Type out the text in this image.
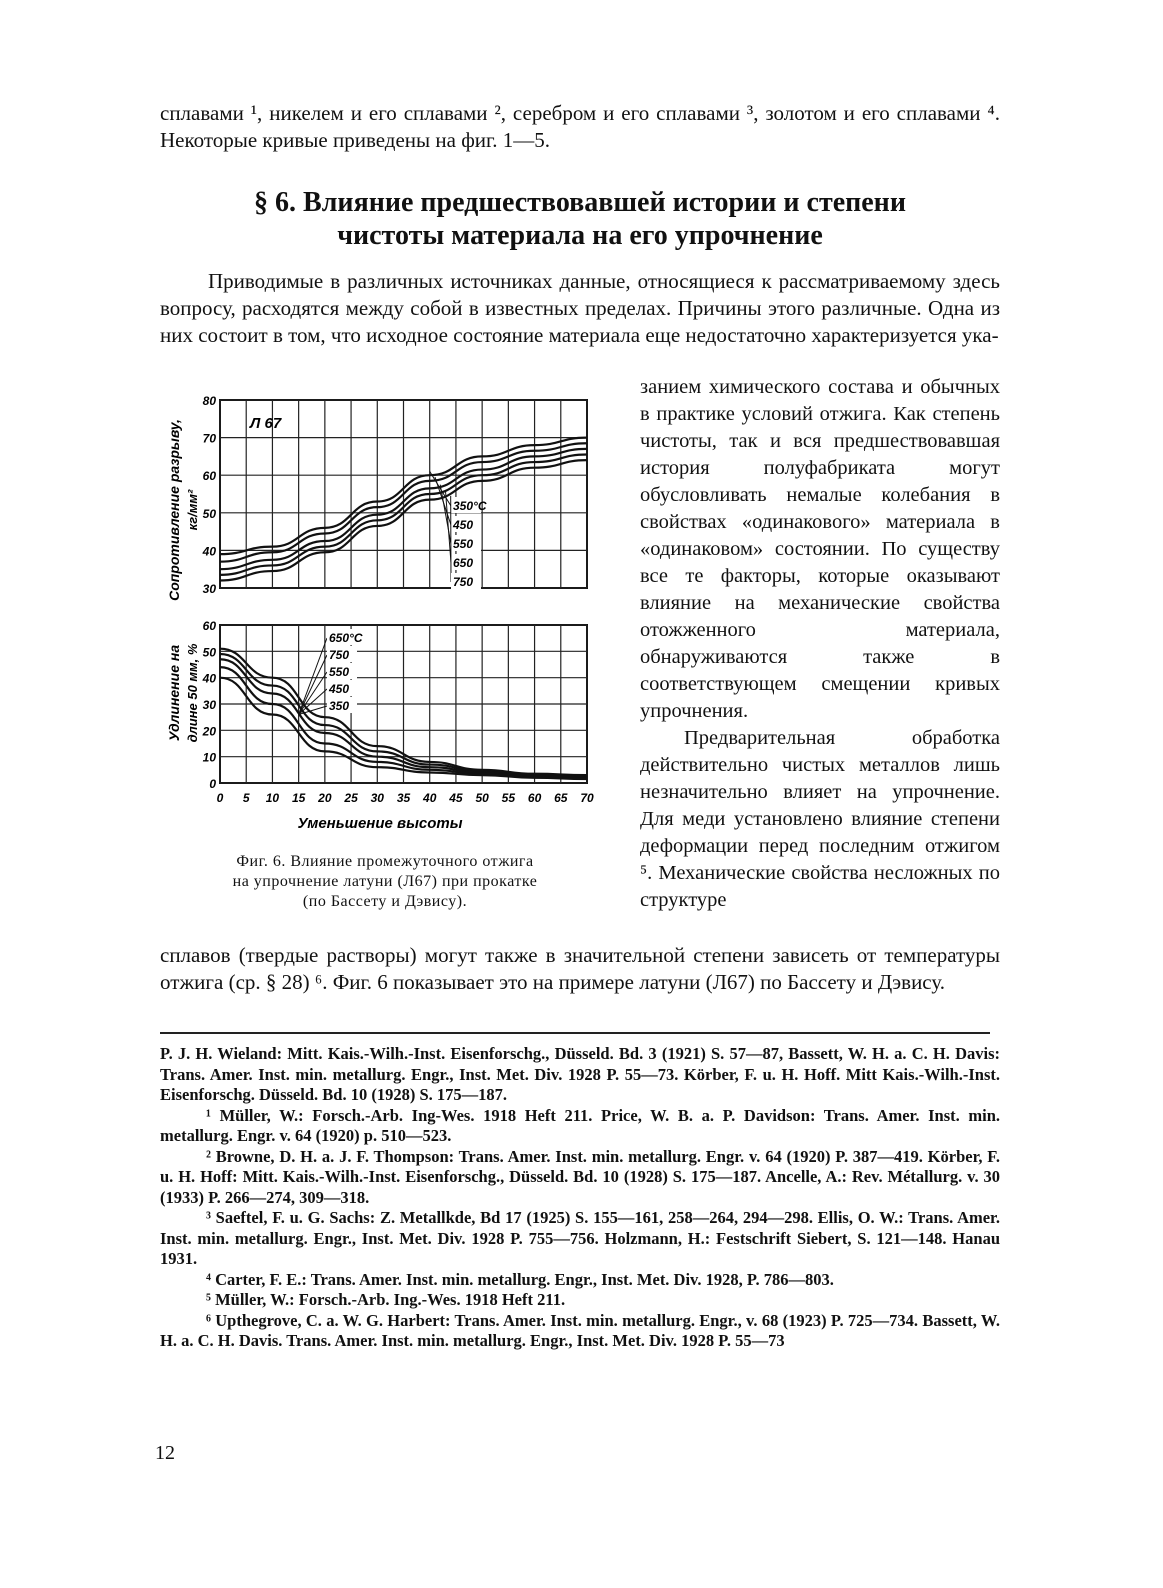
сплавами ¹, никелем и его сплавами ², серебром и его сплавами ³, золотом и его сплавами ⁴. Некоторые кривые приведены на фиг. 1—5.
§ 6. Влияние предшествовавшей истории и степени
чистоты материала на его упрочнение
Приводимые в различных источниках данные, относящиеся к рассматриваемому здесь вопросу, расходятся между собой в известных пределах. Причины этого различные. Одна из них состоит в том, что исходное состояние материала еще недостаточно характеризуется ука-

занием химического состава и обычных в практике условий отжига. Как степень чистоты, так и вся предшествовавшая история полуфабриката могут обусловливать немалые колебания в свойствах «одинакового» материала в «одинаковом» состоянии. По существу все те факторы, которые оказывают влияние на механические свойства отожженного материала, обнаруживаются также в соответствующем смещении кривых упрочнения.

Предварительная обработка действительно чистых металлов лишь незначительно влияет на упрочнение. Для меди установлено влияние степени деформации перед последним отжигом ⁵. Механические свойства несложных по структуре

сплавов (твердые растворы) могут также в значительной степени зависеть от температуры отжига (ср. § 28) ⁶. Фиг. 6 показывает это на примере латуни (Л67) по Бассету и Дэвису.
350°C
450
550
650
750
650°C
750
550
450
350
30
40
50
60
70
80
0
10
20
30
40
50
60
0 5 10 15 20 25 30 35 40 45 50 55 60 65 70
Л 67
Уменьшение высоты
Сопротивление разрыву, кг/мм²
Удлинение на длине 50 мм, %
Фиг. 6. Влияние промежуточного отжига
на упрочнение латуни (Л67) при прокатке
(по Бассету и Дэвису).

P. J. H. Wieland: Mitt. Kais.-Wilh.-Inst. Eisenforschg., Düsseld. Bd. 3 (1921) S. 57—87, Bassett, W. H. a. C. H. Davis: Trans. Amer. Inst. min. metallurg. Engr., Inst. Met. Div. 1928 P. 55—73. Körber, F. u. H. Hoff. Mitt Kais.-Wilh.-Inst. Eisenforschg. Düsseld. Bd. 10 (1928) S. 175—187.

¹ Müller, W.: Forsch.-Arb. Ing-Wes. 1918 Heft 211. Price, W. B. a. P. Davidson: Trans. Amer. Inst. min. metallurg. Engr. v. 64 (1920) p. 510—523.

² Browne, D. H. a. J. F. Thompson: Trans. Amer. Inst. min. metallurg. Engr. v. 64 (1920) P. 387—419. Körber, F. u. H. Hoff: Mitt. Kais.-Wilh.-Inst. Eisenforschg., Düsseld. Bd. 10 (1928) S. 175—187. Ancelle, A.: Rev. Métallurg. v. 30 (1933) P. 266—274, 309—318.

³ Saeftel, F. u. G. Sachs: Z. Metallkde, Bd 17 (1925) S. 155—161, 258—264, 294—298. Ellis, O. W.: Trans. Amer. Inst. min. metallurg. Engr., Inst. Met. Div. 1928 P. 755—756. Holzmann, H.: Festschrift Siebert, S. 121—148. Hanau 1931.

⁴ Carter, F. E.: Trans. Amer. Inst. min. metallurg. Engr., Inst. Met. Div. 1928, P. 786—803.

⁵ Müller, W.: Forsch.-Arb. Ing.-Wes. 1918 Heft 211.

⁶ Upthegrove, C. a. W. G. Harbert: Trans. Amer. Inst. min. metallurg. Engr., v. 68 (1923) P. 725—734. Bassett, W. H. a. C. H. Davis. Trans. Amer. Inst. min. metallurg. Engr., Inst. Met. Div. 1928 P. 55—73

12
